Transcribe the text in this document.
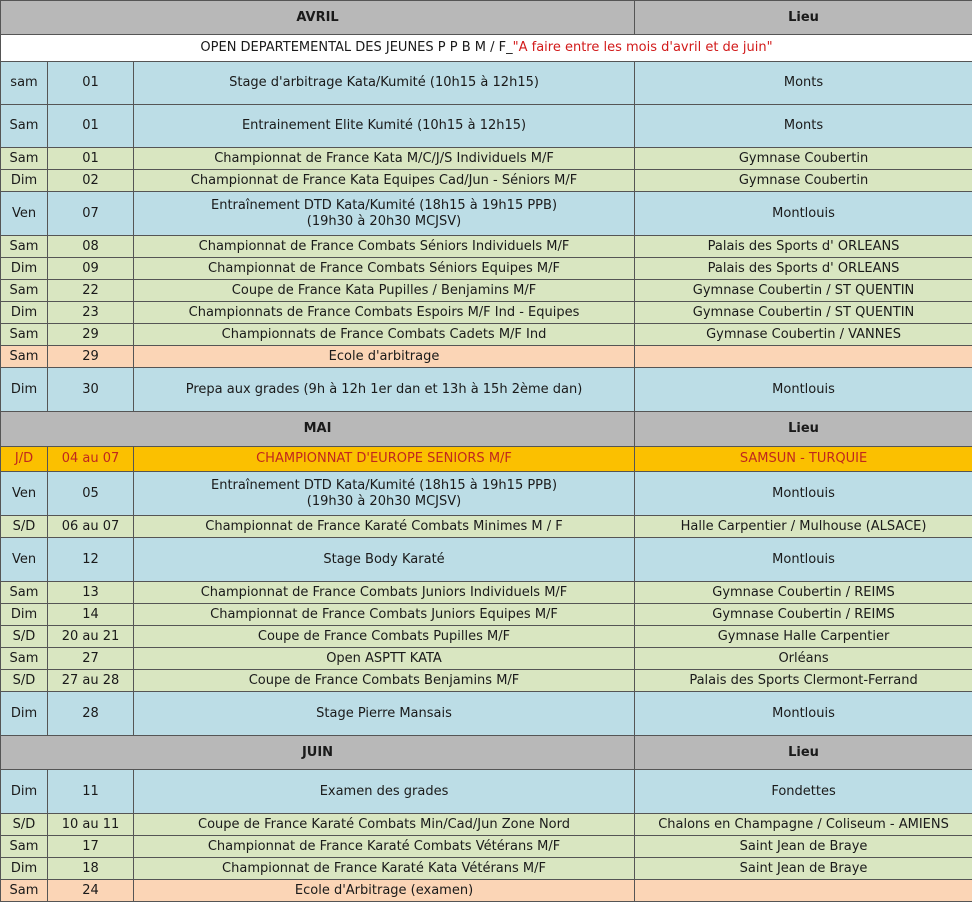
AVRIL			Lieu
OPEN DEPARTEMENTAL DES JEUNES P P B M / F_"A faire entre les mois d'avril et de juin"			
sam	01	Stage d'arbitrage Kata/Kumité (10h15 à 12h15)	Monts
Sam	01	Entrainement Elite Kumité (10h15 à 12h15)	Monts
Sam	01	Championnat de France Kata M/C/J/S Individuels M/F	Gymnase Coubertin
Dim	02	Championnat de France Kata Equipes Cad/Jun - Séniors M/F	Gymnase Coubertin
Ven	07	Entraînement DTD Kata/Kumité (18h15 à 19h15 PPB)
(19h30 à 20h30 MCJSV)	Montlouis
Sam	08	Championnat de France Combats Séniors Individuels M/F	Palais des Sports d' ORLEANS
Dim	09	Championnat de France Combats Séniors Equipes M/F	Palais des Sports d' ORLEANS
Sam	22	Coupe de France Kata Pupilles / Benjamins M/F	Gymnase Coubertin / ST QUENTIN
Dim	23	Championnats de France Combats Espoirs M/F Ind - Equipes	Gymnase Coubertin / ST QUENTIN
Sam	29	Championnats de France Combats Cadets M/F Ind	Gymnase Coubertin / VANNES
Sam	29	Ecole d'arbitrage	

Dim	30	Prepa aux grades (9h à 12h 1er dan et 13h à 15h 2ème dan)	Montlouis
MAI			Lieu
J/D	04 au 07	CHAMPIONNAT D'EUROPE SENIORS M/F	SAMSUN - TURQUIE
Ven	05	Entraînement DTD Kata/Kumité (18h15 à 19h15 PPB)
(19h30 à 20h30 MCJSV)	Montlouis
S/D	06 au 07	Championnat de France Karaté Combats Minimes M / F	Halle Carpentier / Mulhouse (ALSACE)
Ven	12	Stage Body Karaté	Montlouis
Sam	13	Championnat de France Combats Juniors Individuels M/F	Gymnase Coubertin / REIMS
Dim	14	Championnat de France Combats Juniors Equipes M/F	Gymnase Coubertin / REIMS
S/D	20 au 21	Coupe de France Combats Pupilles M/F	Gymnase Halle Carpentier
Sam	27	Open ASPTT KATA	Orléans
S/D	27 au 28	Coupe de France Combats Benjamins M/F	Palais des Sports Clermont-Ferrand
Dim	28	Stage Pierre Mansais	Montlouis
JUIN			Lieu
Dim	11	Examen des grades	Fondettes
S/D	10 au 11	Coupe de France Karaté Combats Min/Cad/Jun Zone Nord	Chalons en Champagne / Coliseum - AMIENS
Sam	17	Championnat de France Karaté Combats Vétérans M/F	Saint Jean de Braye
Dim	18	Championnat de France Karaté Kata Vétérans M/F	Saint Jean de Braye
Sam	24	Ecole d'Arbitrage (examen)	
